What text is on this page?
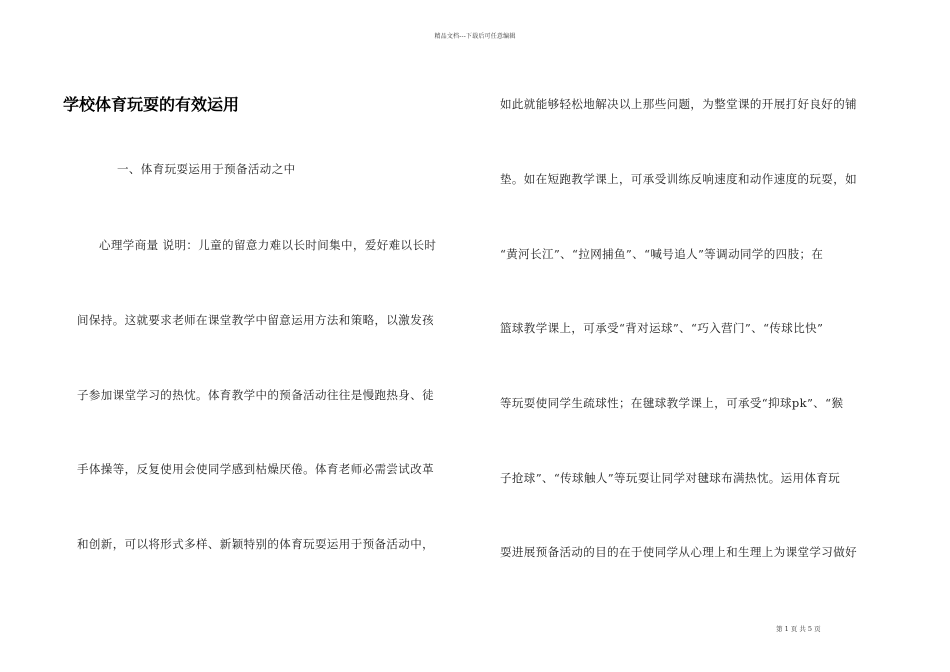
精品文档---下载后可任意编辑
学校体育玩耍的有效运用
一、体育玩耍运用于预备活动之中
心理学商量 说明：儿童的留意力难以长时间集中，爱好难以长时
间保持。这就要求老师在课堂教学中留意运用方法和策略，以激发孩
子参加课堂学习的热忱。体育教学中的预备活动往往是慢跑热身、徒
手体操等，反复使用会使同学感到枯燥厌倦。体育老师必需尝试改革
和创新，可以将形式多样、新颖特别的体育玩耍运用于预备活动中，
如此就能够轻松地解决以上那些问题，为整堂课的开展打好良好的铺
垫。如在短跑教学课上，可承受训练反响速度和动作速度的玩耍，如
“黄河长江”、“拉网捕鱼”、“喊号追人”等调动同学的四肢；在
篮球教学课上，可承受“背对运球”、“巧入营门”、“传球比快”
等玩耍使同学生疏球性；在毽球教学课上，可承受“抑球pk”、“猴
子抢球”、“传球触人”等玩耍让同学对毽球布满热忱。运用体育玩
耍进展预备活动的目的在于使同学从心理上和生理上为课堂学习做好
第 1 页 共 5 页
